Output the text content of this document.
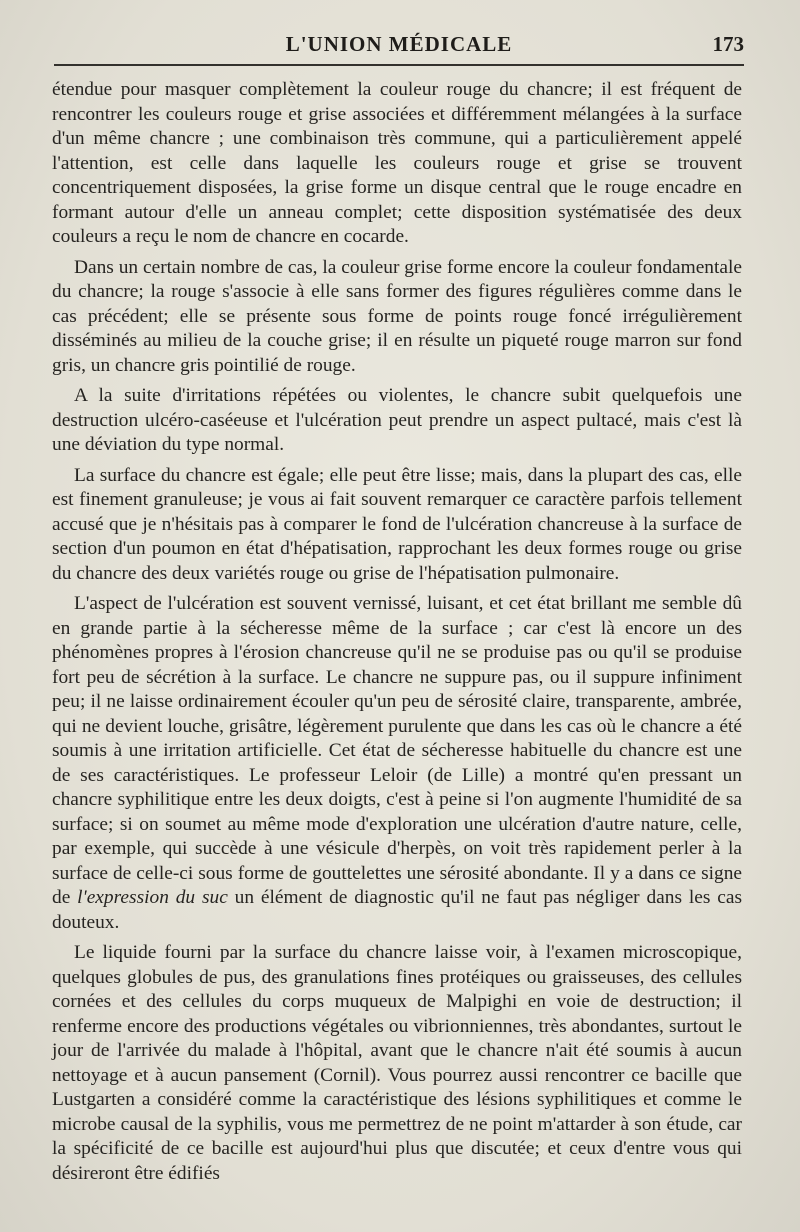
L'UNION MÉDICALE	173

étendue pour masquer complètement la couleur rouge du chancre; il est fréquent de rencontrer les couleurs rouge et grise associées et différemment mélangées à la surface d'un même chancre ; une combinaison très commune, qui a particulièrement appelé l'attention, est celle dans laquelle les couleurs rouge et grise se trouvent concentriquement disposées, la grise forme un disque central que le rouge encadre en formant autour d'elle un anneau complet; cette disposition systématisée des deux couleurs a reçu le nom de chancre en cocarde.

Dans un certain nombre de cas, la couleur grise forme encore la couleur fondamentale du chancre; la rouge s'associe à elle sans former des figures régulières comme dans le cas précédent; elle se présente sous forme de points rouge foncé irrégulièrement disséminés au milieu de la couche grise; il en résulte un piqueté rouge marron sur fond gris, un chancre gris pointilié de rouge.

A la suite d'irritations répétées ou violentes, le chancre subit quelquefois une destruction ulcéro-caséeuse et l'ulcération peut prendre un aspect pultacé, mais c'est là une déviation du type normal.

La surface du chancre est égale; elle peut être lisse; mais, dans la plupart des cas, elle est finement granuleuse; je vous ai fait souvent remarquer ce caractère parfois tellement accusé que je n'hésitais pas à comparer le fond de l'ulcération chancreuse à la surface de section d'un poumon en état d'hépatisation, rapprochant les deux formes rouge ou grise du chancre des deux variétés rouge ou grise de l'hépatisation pulmonaire.

L'aspect de l'ulcération est souvent vernissé, luisant, et cet état brillant me semble dû en grande partie à la sécheresse même de la surface ; car c'est là encore un des phénomènes propres à l'érosion chancreuse qu'il ne se produise pas ou qu'il se produise fort peu de sécrétion à la surface. Le chancre ne suppure pas, ou il suppure infiniment peu; il ne laisse ordinairement écouler qu'un peu de sérosité claire, transparente, ambrée, qui ne devient louche, grisâtre, légèrement purulente que dans les cas où le chancre a été soumis à une irritation artificielle. Cet état de sécheresse habituelle du chancre est une de ses caractéristiques. Le professeur Leloir (de Lille) a montré qu'en pressant un chancre syphilitique entre les deux doigts, c'est à peine si l'on augmente l'humidité de sa surface; si on soumet au même mode d'exploration une ulcération d'autre nature, celle, par exemple, qui succède à une vésicule d'herpès, on voit très rapidement perler à la surface de celle-ci sous forme de gouttelettes une sérosité abondante. Il y a dans ce signe de l'expression du suc un élément de diagnostic qu'il ne faut pas négliger dans les cas douteux.

Le liquide fourni par la surface du chancre laisse voir, à l'examen microscopique, quelques globules de pus, des granulations fines protéiques ou graisseuses, des cellules cornées et des cellules du corps muqueux de Malpighi en voie de destruction; il renferme encore des productions végétales ou vibrionniennes, très abondantes, surtout le jour de l'arrivée du malade à l'hôpital, avant que le chancre n'ait été soumis à aucun nettoyage et à aucun pansement (Cornil). Vous pourrez aussi rencontrer ce bacille que Lustgarten a considéré comme la caractéristique des lésions syphilitiques et comme le microbe causal de la syphilis, vous me permettrez de ne point m'attarder à son étude, car la spécificité de ce bacille est aujourd'hui plus que discutée; et ceux d'entre vous qui désireront être édifiés
